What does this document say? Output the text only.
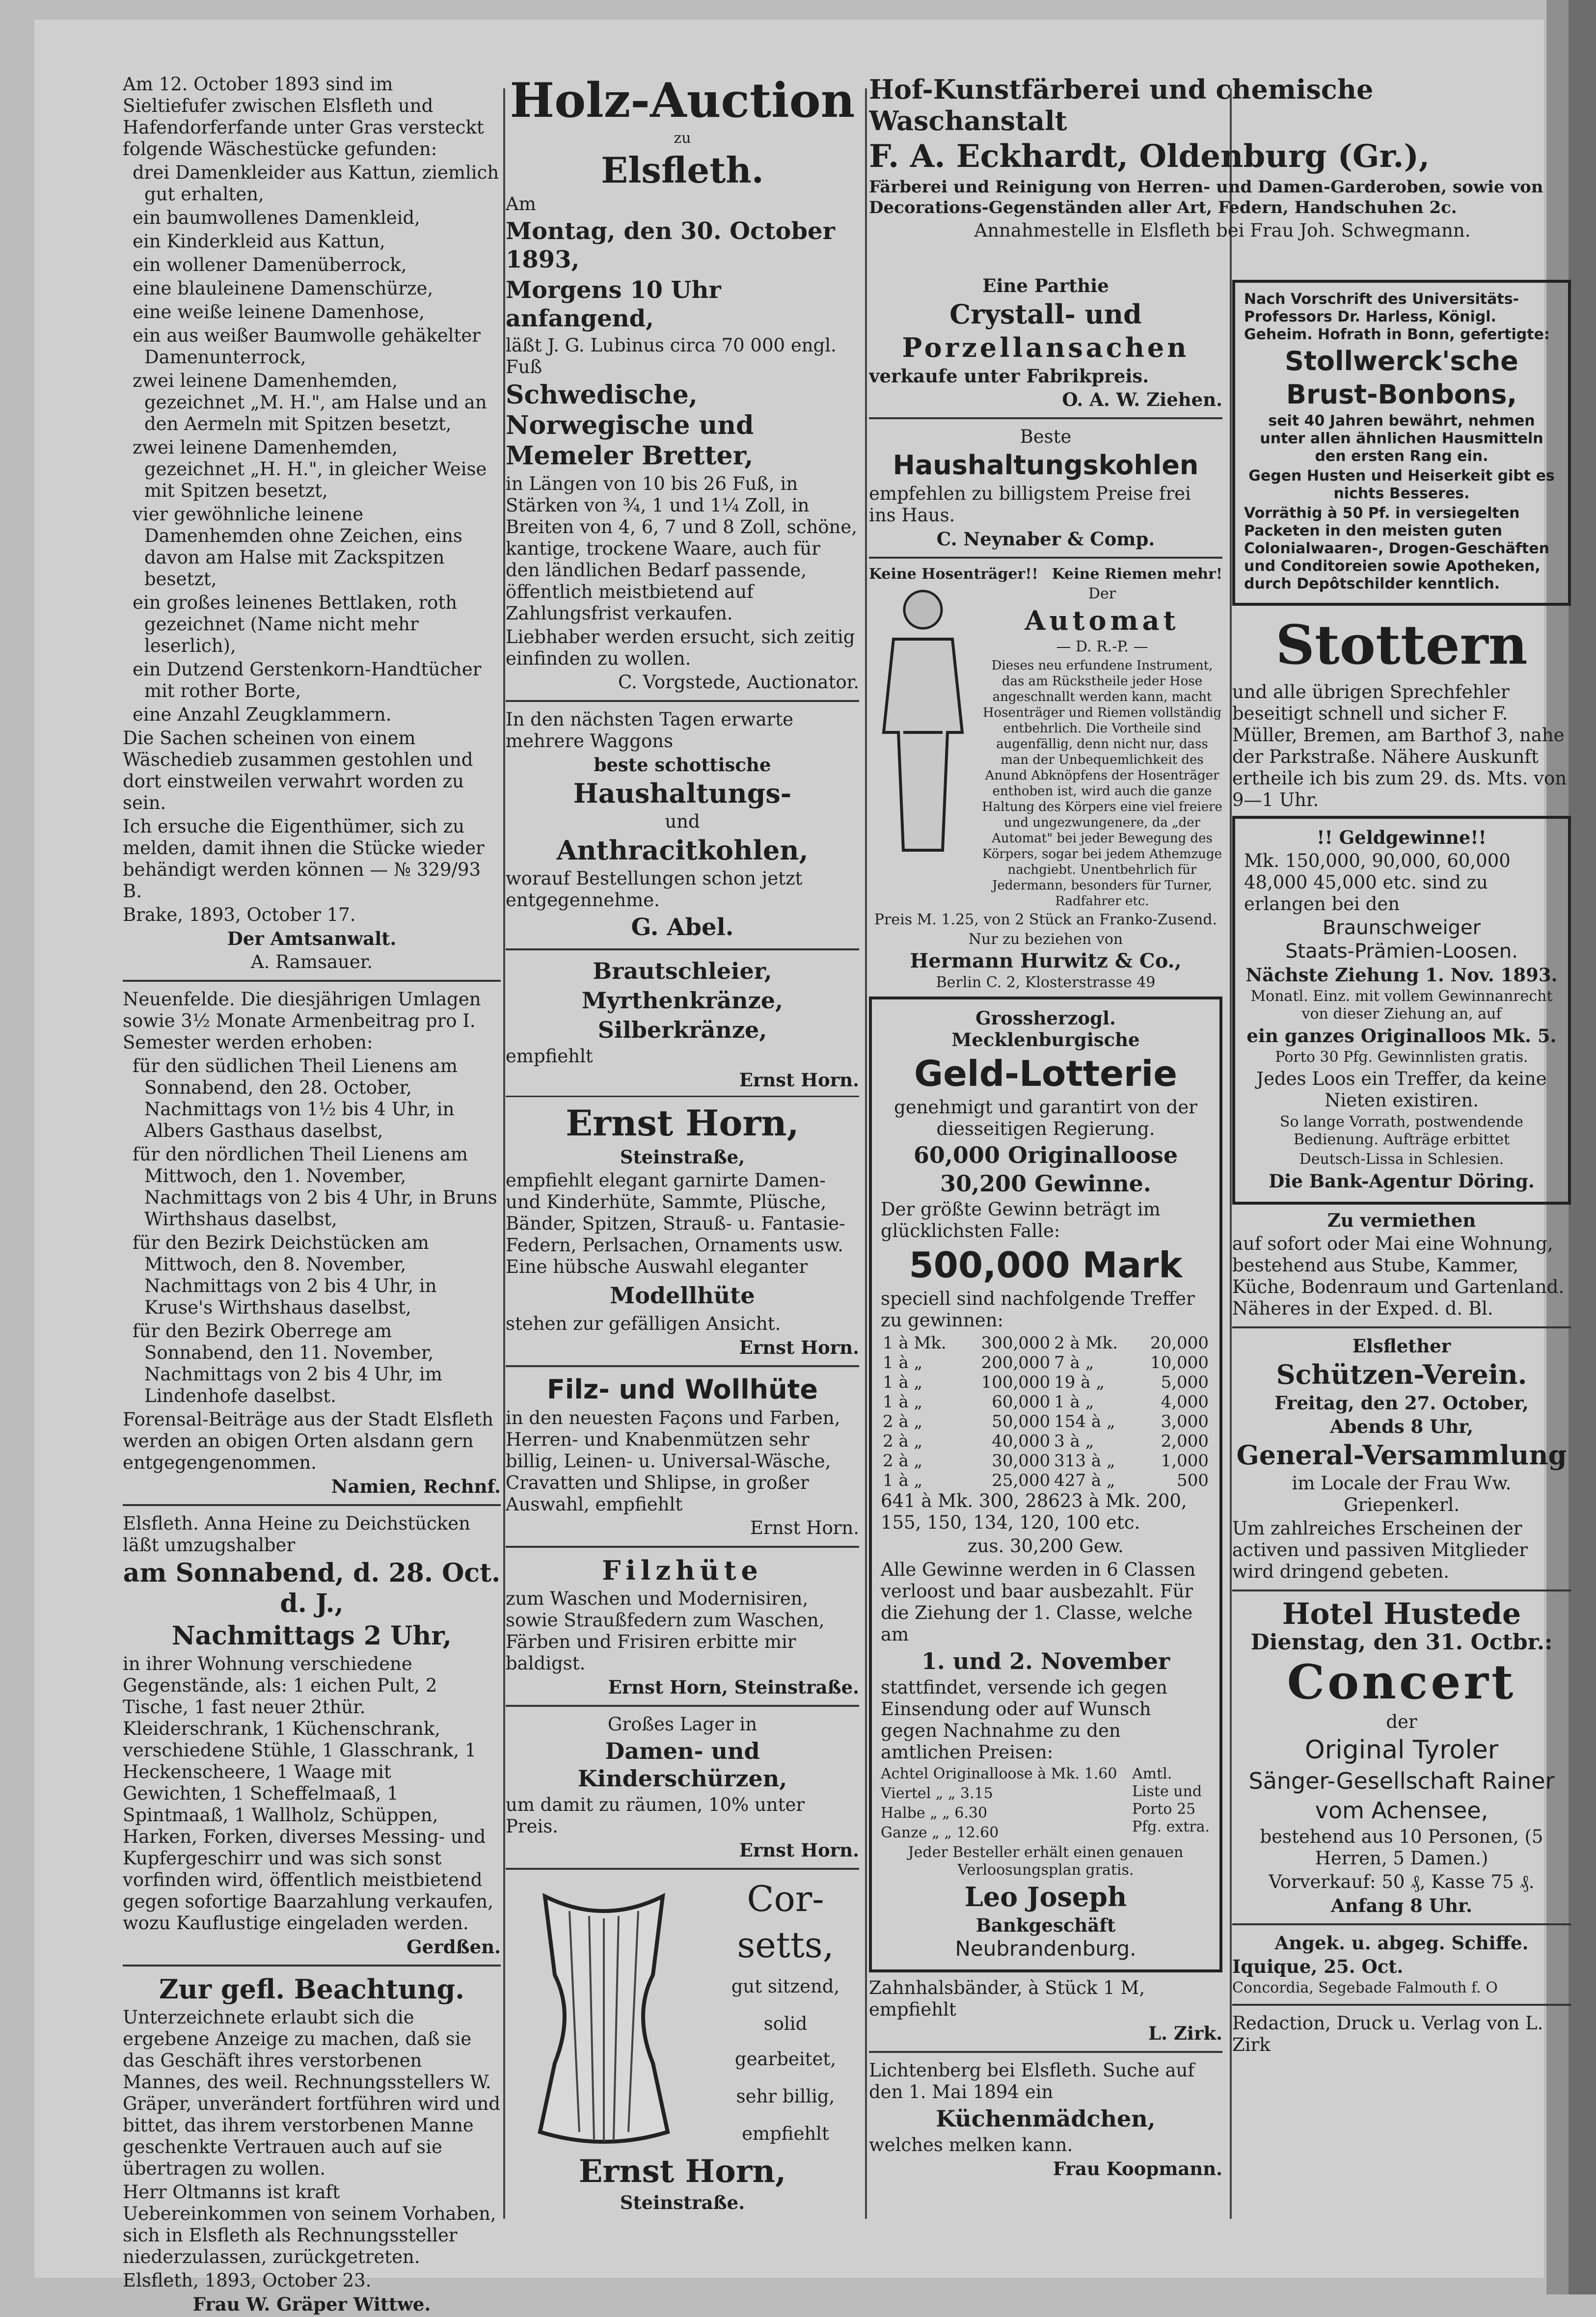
Am 12. October 1893 sind im Sieltiefufer zwischen Elsfleth und Hafendorferfande unter Gras versteckt folgende Wäschestücke gefunden:

drei Damenkleider aus Kattun, ziemlich gut erhalten,

ein baumwollenes Damenkleid,

ein Kinderkleid aus Kattun,

ein wollener Damenüberrock,

eine blauleinene Damenschürze,

eine weiße leinene Damenhose,

ein aus weißer Baumwolle gehäkelter Damenunterrock,

zwei leinene Damenhemden, gezeichnet „M. H.", am Halse und an den Aermeln mit Spitzen besetzt,

zwei leinene Damenhemden, gezeichnet „H. H.", in gleicher Weise mit Spitzen besetzt,

vier gewöhnliche leinene Damenhemden ohne Zeichen, eins davon am Halse mit Zackspitzen besetzt,

ein großes leinenes Bettlaken, roth gezeichnet (Name nicht mehr leserlich),

ein Dutzend Gerstenkorn-Handtücher mit rother Borte,

eine Anzahl Zeugklammern.

Die Sachen scheinen von einem Wäschedieb zusammen gestohlen und dort einstweilen verwahrt worden zu sein.

Ich ersuche die Eigenthümer, sich zu melden, damit ihnen die Stücke wieder behändigt werden können — № 329/93 B.

Brake, 1893, October 17.

Der Amtsanwalt.

A. Ramsauer.

Neuenfelde. Die diesjährigen Umlagen sowie 3½ Monate Armenbeitrag pro I. Semester werden erhoben:

für den südlichen Theil Lienens am Sonnabend, den 28. October, Nachmittags von 1½ bis 4 Uhr, in Albers Gasthaus daselbst,

für den nördlichen Theil Lienens am Mittwoch, den 1. November, Nachmittags von 2 bis 4 Uhr, in Bruns Wirthshaus daselbst,

für den Bezirk Deichstücken am Mittwoch, den 8. November, Nachmittags von 2 bis 4 Uhr, in Kruse's Wirthshaus daselbst,

für den Bezirk Oberrege am Sonnabend, den 11. November, Nachmittags von 2 bis 4 Uhr, im Lindenhofe daselbst.

Forensal-Beiträge aus der Stadt Elsfleth werden an obigen Orten alsdann gern entgegengenommen.

Namien, Rechnf.

Elsfleth. Anna Heine zu Deichstücken läßt umzugshalber

am Sonnabend, d. 28. Oct. d. J.,

Nachmittags 2 Uhr,

in ihrer Wohnung verschiedene Gegenstände, als: 1 eichen Pult, 2 Tische, 1 fast neuer 2thür. Kleiderschrank, 1 Küchenschrank, verschiedene Stühle, 1 Glasschrank, 1 Heckenscheere, 1 Waage mit Gewichten, 1 Scheffelmaaß, 1 Spintmaaß, 1 Wallholz, Schüppen, Harken, Forken, diverses Messing- und Kupfergeschirr und was sich sonst vorfinden wird, öffentlich meistbietend gegen sofortige Baarzahlung verkaufen, wozu Kauflustige eingeladen werden.

Gerdßen.

Zur gefl. Beachtung.

Unterzeichnete erlaubt sich die ergebene Anzeige zu machen, daß sie das Geschäft ihres verstorbenen Mannes, des weil. Rechnungsstellers W. Gräper, unverändert fortführen wird und bittet, das ihrem verstorbenen Manne geschenkte Vertrauen auch auf sie übertragen zu wollen.

Herr Oltmanns ist kraft Uebereinkommen von seinem Vorhaben, sich in Elsfleth als Rechnungssteller niederzulassen, zurückgetreten.

Elsfleth, 1893, October 23.

Frau W. Gräper Wittwe.

Holz-Auction

zu

Elsfleth.

Am

Montag, den 30. October 1893,

Morgens 10 Uhr anfangend,

läßt J. G. Lubinus circa 70 000 engl. Fuß

Schwedische, Norwegische und Memeler Bretter,

in Längen von 10 bis 26 Fuß, in Stärken von ¾, 1 und 1¼ Zoll, in Breiten von 4, 6, 7 und 8 Zoll, schöne, kantige, trockene Waare, auch für den ländlichen Bedarf passende, öffentlich meistbietend auf Zahlungsfrist verkaufen.

Liebhaber werden ersucht, sich zeitig einfinden zu wollen.

C. Vorgstede, Auctionator.

In den nächsten Tagen erwarte mehrere Waggons

beste schottische

Haushaltungs-

und

Anthracitkohlen,

worauf Bestellungen schon jetzt entgegennehme.

G. Abel.

Brautschleier,

Myrthenkränze,

Silberkränze,

empfiehlt

Ernst Horn.

Ernst Horn,

Steinstraße,

empfiehlt elegant garnirte Damen- und Kinderhüte, Sammte, Plüsche, Bänder, Spitzen, Strauß- u. Fantasie-Federn, Perlsachen, Ornaments usw. Eine hübsche Auswahl eleganter

Modellhüte

stehen zur gefälligen Ansicht.

Ernst Horn.

Filz- und Wollhüte

in den neuesten Façons und Farben, Herren- und Knabenmützen sehr billig, Leinen- u. Universal-Wäsche, Cravatten und Shlipse, in großer Auswahl, empfiehlt

Ernst Horn.

Filzhüte

zum Waschen und Modernisiren, sowie Straußfedern zum Waschen, Färben und Frisiren erbitte mir baldigst.

Ernst Horn, Steinstraße.

Großes Lager in

Damen- und Kinderschürzen,

um damit zu räumen, 10% unter Preis.

Ernst Horn.

Cor-

setts,

gut sitzend,

solid gearbeitet,

sehr billig,

empfiehlt

Ernst Horn,

Steinstraße.

Hof-Kunstfärberei und chemische Waschanstalt

F. A. Eckhardt, Oldenburg (Gr.),

Färberei und Reinigung von Herren- und Damen-Garderoben, sowie von Decorations-Gegenständen aller Art, Federn, Handschuhen 2c.

Annahmestelle in Elsfleth bei Frau Joh. Schwegmann.

Eine Parthie

Crystall- und

Porzellansachen

verkaufe unter Fabrikpreis.

O. A. W. Ziehen.

Beste

Haushaltungskohlen

empfehlen zu billigstem Preise frei ins Haus.

C. Neynaber & Comp.

Keine Hosenträger!! Keine Riemen mehr!

Der

Automat

— D. R.-P. —

Dieses neu erfundene Instrument, das am Rückstheile jeder Hose angeschnallt werden kann, macht Hosenträger und Riemen vollständig entbehrlich. Die Vortheile sind augenfällig, denn nicht nur, dass man der Unbequemlichkeit des Anund Abknöpfens der Hosenträger enthoben ist, wird auch die ganze Haltung des Körpers eine viel freiere und ungezwungenere, da „der Automat" bei jeder Bewegung des Körpers, sogar bei jedem Athemzuge nachgiebt. Unentbehrlich für Jedermann, besonders für Turner, Radfahrer etc.

Preis M. 1.25, von 2 Stück an Franko-Zusend.

Nur zu beziehen von

Hermann Hurwitz & Co.,

Berlin C. 2, Klosterstrasse 49

Grossherzogl. Mecklenburgische

Geld-Lotterie

genehmigt und garantirt von der diesseitigen Regierung.

60,000 Originalloose

30,200 Gewinne.

Der größte Gewinn beträgt im glücklichsten Falle:

500,000 Mark

speciell sind nachfolgende Treffer zu gewinnen:

1 à Mk.	300,000	2 à Mk.	20,000
1 à „	200,000	7 à „	10,000
1 à „	100,000	19 à „	5,000
1 à „	60,000	1 à „	4,000
2 à „	50,000	154 à „	3,000
2 à „	40,000	3 à „	2,000
2 à „	30,000	313 à „	1,000
1 à „	25,000	427 à „	500

641 à Mk. 300, 28623 à Mk. 200, 155, 150, 134, 120, 100 etc.

zus. 30,200 Gew.

Alle Gewinne werden in 6 Classen verloost und baar ausbezahlt. Für die Ziehung der 1. Classe, welche am

1. und 2. November

stattfindet, versende ich gegen Einsendung oder auf Wunsch gegen Nachnahme zu den amtlichen Preisen:

Achtel Originalloose à Mk. 1.60

Viertel „ „ 3.15

Halbe „ „ 6.30

Ganze „ „ 12.60

Amtl. Liste und Porto 25 Pfg. extra.

Jeder Besteller erhält einen genauen Verloosungsplan gratis.

Leo Joseph

Bankgeschäft

Neubrandenburg.

Zahnhalsbänder, à Stück 1 M, empfiehlt

L. Zirk.

Lichtenberg bei Elsfleth. Suche auf den 1. Mai 1894 ein

Küchenmädchen,

welches melken kann.

Frau Koopmann.

Nach Vorschrift des Universitäts-Professors Dr. Harless, Königl. Geheim. Hofrath in Bonn, gefertigte:

Stollwerck'sche

Brust-Bonbons,

seit 40 Jahren bewährt, nehmen unter allen ähnlichen Hausmitteln den ersten Rang ein.

Gegen Husten und Heiserkeit gibt es nichts Besseres.

Vorräthig à 50 Pf. in versiegelten Packeten in den meisten guten Colonialwaaren-, Drogen-Geschäften und Conditoreien sowie Apotheken, durch Depôtschilder kenntlich.

Stottern

und alle übrigen Sprechfehler beseitigt schnell und sicher F. Müller, Bremen, am Barthof 3, nahe der Parkstraße. Nähere Auskunft ertheile ich bis zum 29. ds. Mts. von 9—1 Uhr.

!! Geldgewinne!!

Mk. 150,000, 90,000, 60,000 48,000 45,000 etc. sind zu erlangen bei den

Braunschweiger

Staats-Prämien-Loosen.

Nächste Ziehung 1. Nov. 1893.

Monatl. Einz. mit vollem Gewinnanrecht von dieser Ziehung an, auf

ein ganzes Originalloos Mk. 5.

Porto 30 Pfg. Gewinnlisten gratis.

Jedes Loos ein Treffer, da keine Nieten existiren.

So lange Vorrath, postwendende Bedienung. Aufträge erbittet

Deutsch-Lissa in Schlesien.

Die Bank-Agentur Döring.

Zu vermiethen

auf sofort oder Mai eine Wohnung, bestehend aus Stube, Kammer, Küche, Bodenraum und Gartenland. Näheres in der Exped. d. Bl.

Elsflether

Schützen-Verein.

Freitag, den 27. October,

Abends 8 Uhr,

General-Versammlung

im Locale der Frau Ww. Griepenkerl.

Um zahlreiches Erscheinen der activen und passiven Mitglieder wird dringend gebeten.

Hotel Hustede

Dienstag, den 31. Octbr.:

Concert

der

Original Tyroler

Sänger-Gesellschaft Rainer

vom Achensee,

bestehend aus 10 Personen, (5 Herren, 5 Damen.)

Vorverkauf: 50 ₰, Kasse 75 ₰.

Anfang 8 Uhr.

Angek. u. abgeg. Schiffe.

Iquique, 25. Oct.

Concordia, Segebade Falmouth f. O

Redaction, Druck u. Verlag von L. Zirk
